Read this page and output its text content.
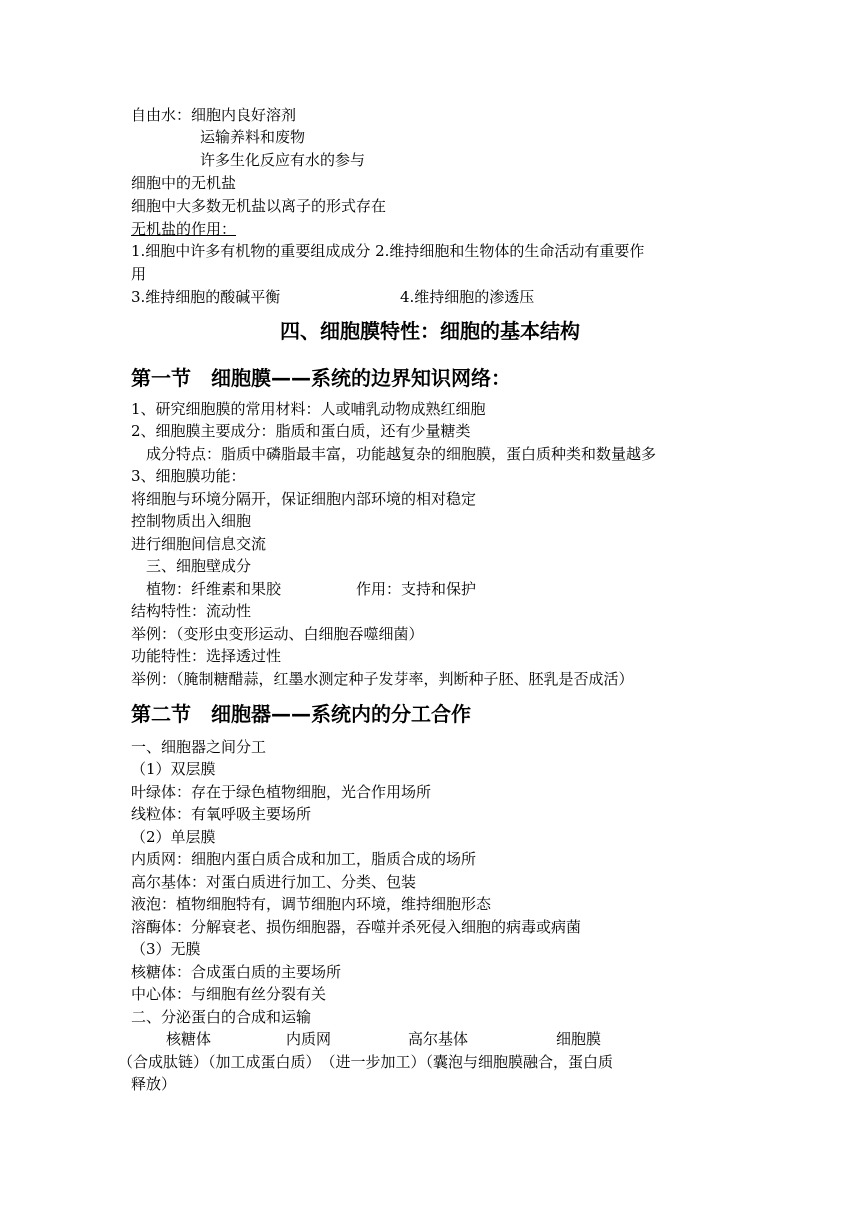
自由水：细胞内良好溶剂
运输养料和废物
许多生化反应有水的参与
细胞中的无机盐
细胞中大多数无机盐以离子的形式存在
无机盐的作用：
1.细胞中许多有机物的重要组成成分 2.维持细胞和生物体的生命活动有重要作
用
3.维持细胞的酸碱平衡	4.维持细胞的渗透压
四、细胞膜特性：细胞的基本结构
第一节　细胞膜——系统的边界知识网络：
1、研究细胞膜的常用材料：人或哺乳动物成熟红细胞
2、细胞膜主要成分：脂质和蛋白质，还有少量糖类
成分特点：脂质中磷脂最丰富，功能越复杂的细胞膜，蛋白质种类和数量越多
3、细胞膜功能：
将细胞与环境分隔开，保证细胞内部环境的相对稳定
控制物质出入细胞
进行细胞间信息交流
三、细胞壁成分
植物：纤维素和果胶	作用：支持和保护
结构特性：流动性
举例：（变形虫变形运动、白细胞吞噬细菌）
功能特性：选择透过性
举例：（腌制糖醋蒜，红墨水测定种子发芽率，判断种子胚、胚乳是否成活）
第二节　细胞器——系统内的分工合作
一、细胞器之间分工
（1）双层膜
叶绿体：存在于绿色植物细胞，光合作用场所
线粒体：有氧呼吸主要场所
（2）单层膜
内质网：细胞内蛋白质合成和加工，脂质合成的场所
高尔基体：对蛋白质进行加工、分类、包装
液泡：植物细胞特有，调节细胞内环境，维持细胞形态
溶酶体：分解衰老、损伤细胞器，吞噬并杀死侵入细胞的病毒或病菌
（3）无膜
核糖体：合成蛋白质的主要场所
中心体：与细胞有丝分裂有关
二、分泌蛋白的合成和运输
核糖体	内质网	高尔基体	细胞膜
（合成肽链）（加工成蛋白质）　（进一步加工）（囊泡与细胞膜融合，蛋白质
释放）
